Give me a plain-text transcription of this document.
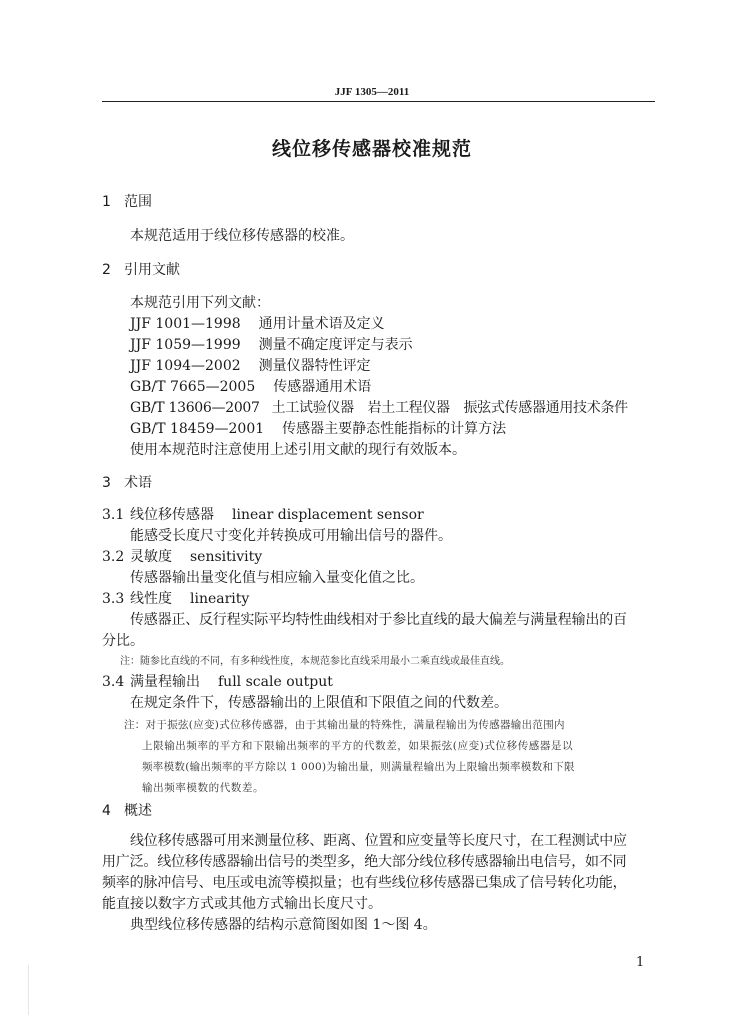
JJF 1305—2011
线位移传感器校准规范
1 范围
本规范适用于线位移传感器的校准。
2 引用文献
本规范引用下列文献：
JJF 1001—1998 通用计量术语及定义
JJF 1059—1999 测量不确定度评定与表示
JJF 1094—2002 测量仪器特性评定
GB/T 7665—2005 传感器通用术语
GB/T 13606—2007 土工试验仪器　岩土工程仪器　振弦式传感器通用技术条件
GB/T 18459—2001 传感器主要静态性能指标的计算方法
使用本规范时注意使用上述引用文献的现行有效版本。
3 术语
3.1 线位移传感器 linear displacement sensor
能感受长度尺寸变化并转换成可用输出信号的器件。
3.2 灵敏度 sensitivity
传感器输出量变化值与相应输入量变化值之比。
3.3 线性度 linearity
传感器正、反行程实际平均特性曲线相对于参比直线的最大偏差与满量程输出的百
分比。
注：随参比直线的不同，有多种线性度，本规范参比直线采用最小二乘直线或最佳直线。
3.4 满量程输出 full scale output
在规定条件下，传感器输出的上限值和下限值之间的代数差。
注：对于振弦(应变)式位移传感器，由于其输出量的特殊性，满量程输出为传感器输出范围内
上限输出频率的平方和下限输出频率的平方的代数差，如果振弦(应变)式位移传感器是以
频率模数(输出频率的平方除以 1 000)为输出量，则满量程输出为上限输出频率模数和下限
输出频率模数的代数差。
4 概述
线位移传感器可用来测量位移、距离、位置和应变量等长度尺寸，在工程测试中应
用广泛。线位移传感器输出信号的类型多，绝大部分线位移传感器输出电信号，如不同
频率的脉冲信号、电压或电流等模拟量；也有些线位移传感器已集成了信号转化功能，
能直接以数字方式或其他方式输出长度尺寸。
典型线位移传感器的结构示意简图如图 1～图 4。
1
